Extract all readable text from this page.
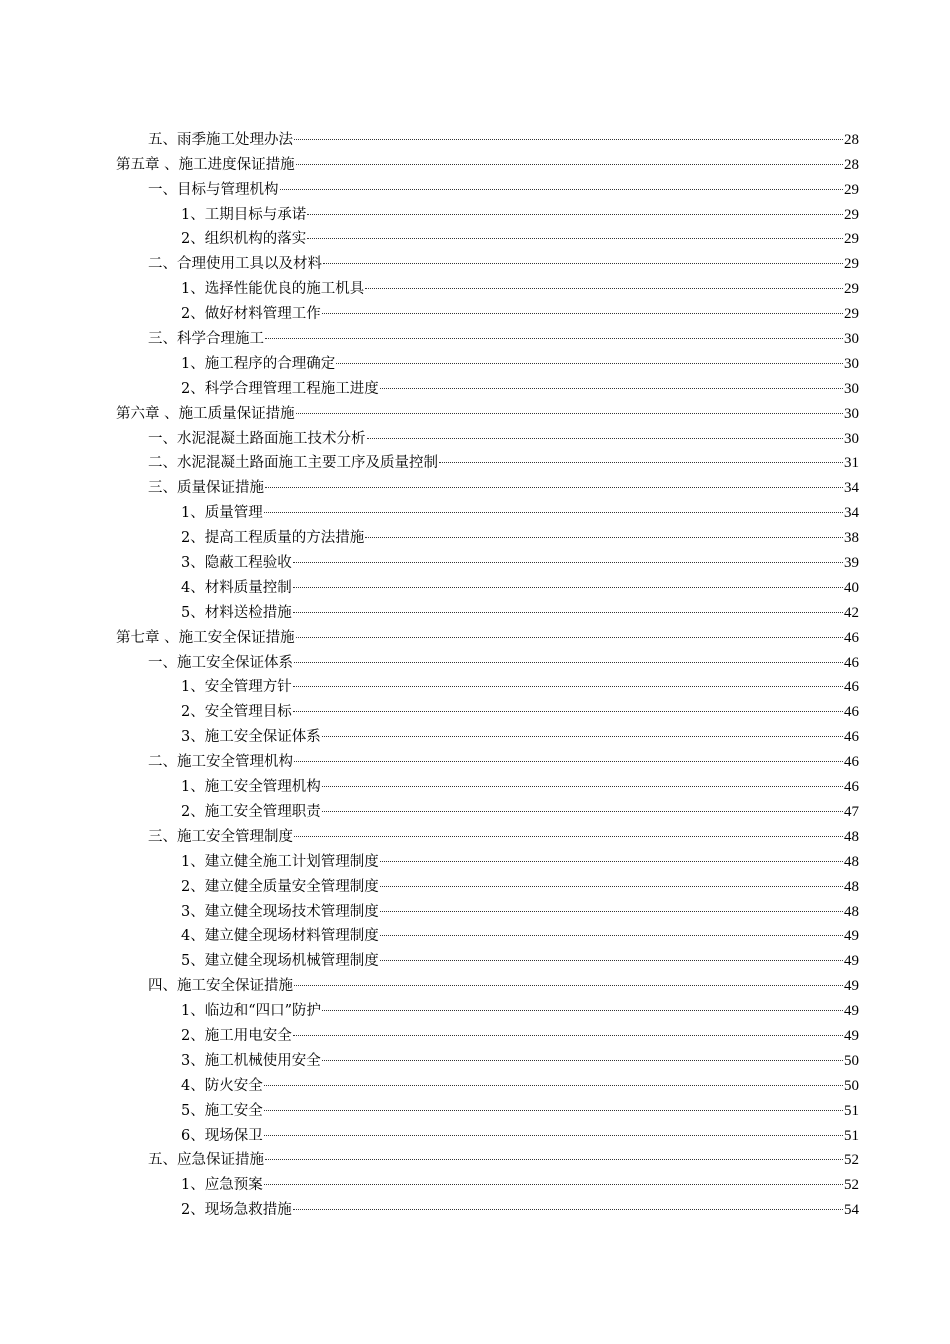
五、雨季施工处理办法	28
第五章 、施工进度保证措施	28
一、目标与管理机构	29
1、工期目标与承诺	29
2、组织机构的落实	29
二、合理使用工具以及材料	29
1、选择性能优良的施工机具	29
2、做好材料管理工作	29
三、科学合理施工	30
1、施工程序的合理确定	30
2、科学合理管理工程施工进度	30
第六章 、施工质量保证措施	30
一、水泥混凝土路面施工技术分析	30
二、水泥混凝土路面施工主要工序及质量控制	31
三、质量保证措施	34
1、质量管理	34
2、提高工程质量的方法措施	38
3、隐蔽工程验收	39
4、材料质量控制	40
5、材料送检措施	42
第七章 、施工安全保证措施	46
一、施工安全保证体系	46
1、安全管理方针	46
2、安全管理目标	46
3、施工安全保证体系	46
二、施工安全管理机构	46
1、施工安全管理机构	46
2、施工安全管理职责	47
三、施工安全管理制度	48
1、建立健全施工计划管理制度	48
2、建立健全质量安全管理制度	48
3、建立健全现场技术管理制度	48
4、建立健全现场材料管理制度	49
5、建立健全现场机械管理制度	49
四、施工安全保证措施	49
1、临边和“四口”防护	49
2、施工用电安全	49
3、施工机械使用安全	50
4、防火安全	50
5、施工安全	51
6、现场保卫	51
五、应急保证措施	52
1、应急预案	52
2、现场急救措施	54
